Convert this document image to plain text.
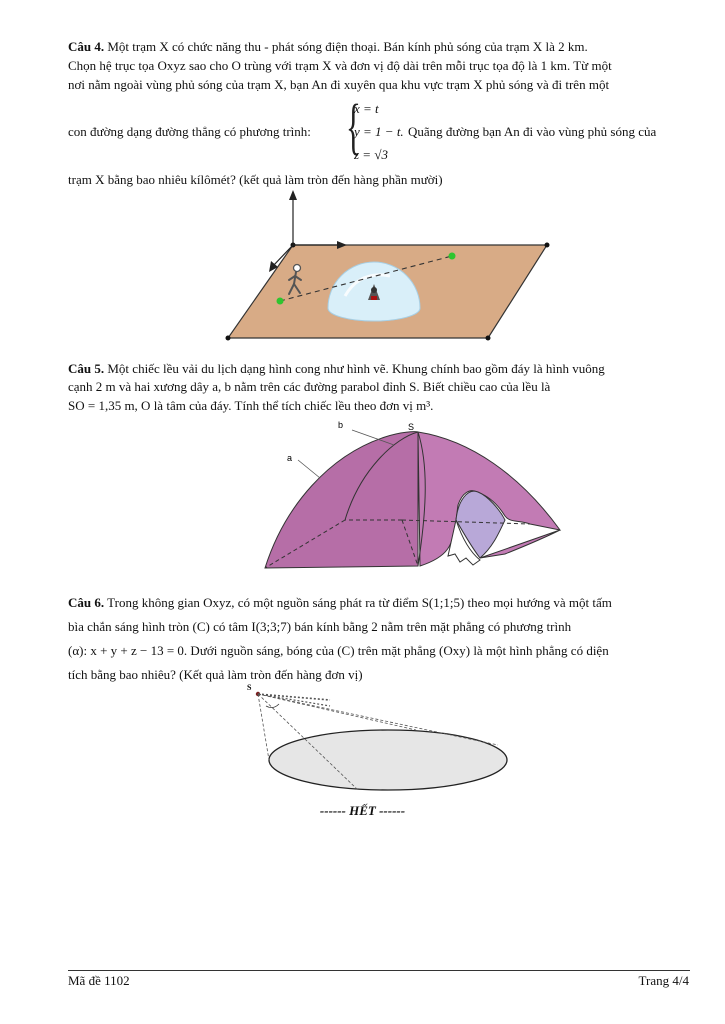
Câu 4. Một trạm X có chức năng thu - phát sóng điện thoại. Bán kính phủ sóng của trạm X là 2 km.
Chọn hệ trục tọa Oxyz sao cho O trùng với trạm X và đơn vị độ dài trên mỗi trục tọa độ là 1 km. Từ một
nơi nằm ngoài vùng phủ sóng của trạm X, bạn An đi xuyên qua khu vực trạm X phủ sóng và đi trên một
con đường dạng đường thẳng có phương trình: {
x = t
y = 1 − t.
z = √3
Quãng đường bạn An đi vào vùng phủ sóng của
trạm X bằng bao nhiêu kílômét? (kết quả làm tròn đến hàng phần mười)
Câu 5. Một chiếc lều vải du lịch dạng hình cong như hình vẽ. Khung chính bao gồm đáy là hình vuông
cạnh 2 m và hai xương dây a, b nằm trên các đường parabol đỉnh S. Biết chiều cao của lều là
SO = 1,35 m, O là tâm của đáy. Tính thể tích chiếc lều theo đơn vị m³.
b
a
S
Câu 6. Trong không gian Oxyz, có một nguồn sáng phát ra từ điểm S(1;1;5) theo mọi hướng và một tấm
bìa chắn sáng hình tròn (C) có tâm I(3;3;7) bán kính bằng 2 nằm trên mặt phẳng có phương trình
(α): x + y + z − 13 = 0. Dưới nguồn sáng, bóng của (C) trên mặt phẳng (Oxy) là một hình phẳng có diện
tích bằng bao nhiêu? (Kết quả làm tròn đến hàng đơn vị)
S
------ HẾT ------
Mã đề 1102	Trang 4/4
